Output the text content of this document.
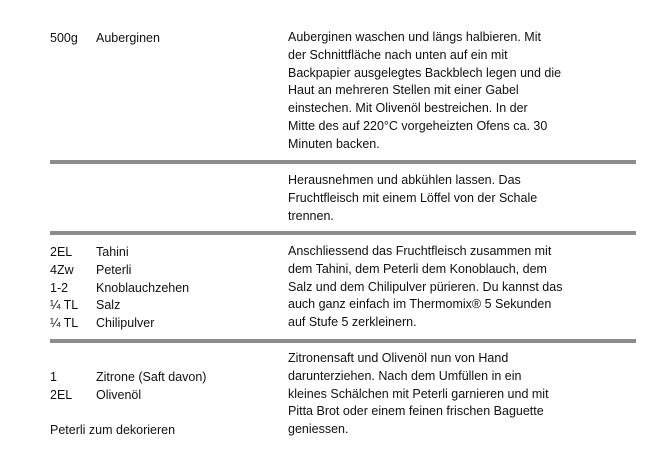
500g Auberginen	Auberginen waschen und längs halbieren. Mit
der Schnittfläche nach unten auf ein mit
Backpapier ausgelegtes Backblech legen und die
Haut an mehreren Stellen mit einer Gabel
einstechen. Mit Olivenöl bestreichen. In der
Mitte des auf 220°C vorgeheizten Ofens ca. 30
Minuten backen.
Herausnehmen und abkühlen lassen. Das
Fruchtfleisch mit einem Löffel von der Schale
trennen.
2EL Tahini
4Zw Peterli
1-2 Knoblauchzehen
¼ TL Salz
¼ TL Chilipulver
Anschliessend das Fruchtfleisch zusammen mit
dem Tahini, dem Peterli dem Konoblauch, dem
Salz und dem Chilipulver pürieren. Du kannst das
auch ganz einfach im Thermomix® 5 Sekunden
auf Stufe 5 zerkleinern.
1	Zitrone (Saft davon)
2EL Olivenöl
Peterli zum dekorieren
Zitronensaft und Olivenöl nun von Hand
darunterziehen. Nach dem Umfüllen in ein
kleines Schälchen mit Peterli garnieren und mit
Pitta Brot oder einem feinen frischen Baguette
geniessen.
